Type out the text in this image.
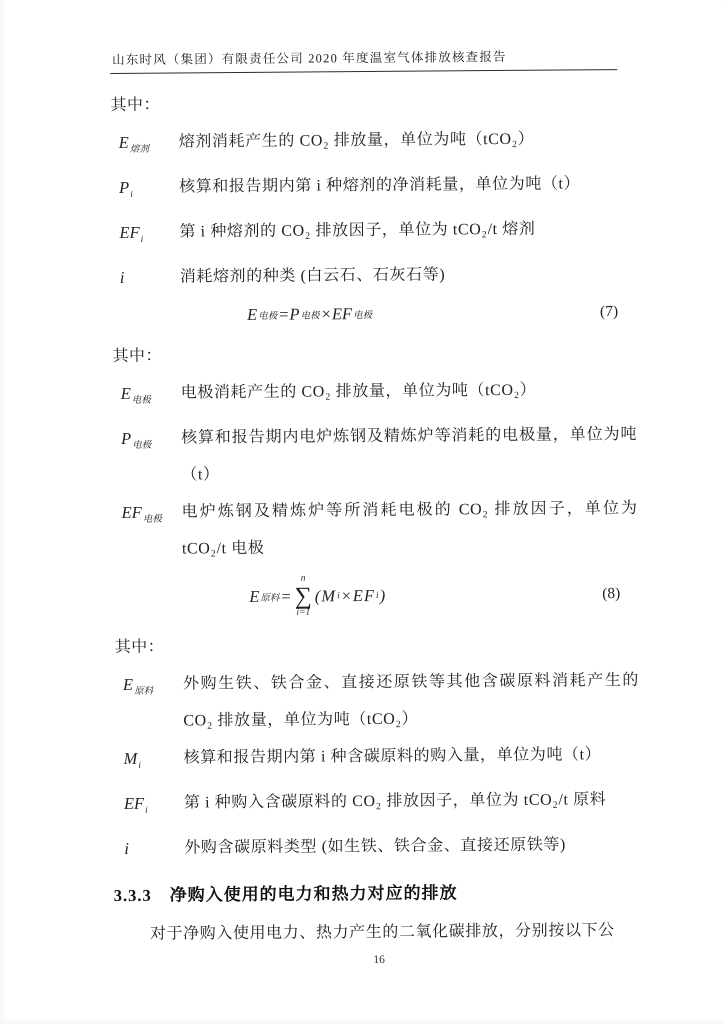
山东时风（集团）有限责任公司 2020 年度温室气体排放核查报告
其中：
$E_{熔剂}$	熔剂消耗产生的 CO₂ 排放量，单位为吨（tCO₂）
$P_i$	核算和报告期内第 i 种熔剂的净消耗量，单位为吨（t）
$EF_i$	第 i 种熔剂的 CO₂ 排放因子，单位为 tCO₂/t 熔剂
i	消耗熔剂的种类 (白云石、石灰石等)
E 电极 = P 电极 × EF 电极	(7)
其中：
$E_{电极}$	电极消耗产生的 CO₂ 排放量，单位为吨（tCO₂）
$P_{电极}$	核算和报告期内电炉炼钢及精炼炉等消耗的电极量，单位为吨（t）
$EF_{电极}$	电炉炼钢及精炼炉等所消耗电极的 CO₂ 排放因子，单位为 tCO₂/t 电极
E 原料 =
n
∑
i=1
(M i × EF i )	(8)
其中：
$E_{原料}$	外购生铁、铁合金、直接还原铁等其他含碳原料消耗产生的 CO₂ 排放量，单位为吨（tCO₂）
$M_i$	核算和报告期内第 i 种含碳原料的购入量，单位为吨（t）
$EF_i$	第 i 种购入含碳原料的 CO₂ 排放因子，单位为 tCO₂/t 原料
i	外购含碳原料类型 (如生铁、铁合金、直接还原铁等)
3.3.3 净购入使用的电力和热力对应的排放
对于净购入使用电力、热力产生的二氧化碳排放，分别按以下公
16
